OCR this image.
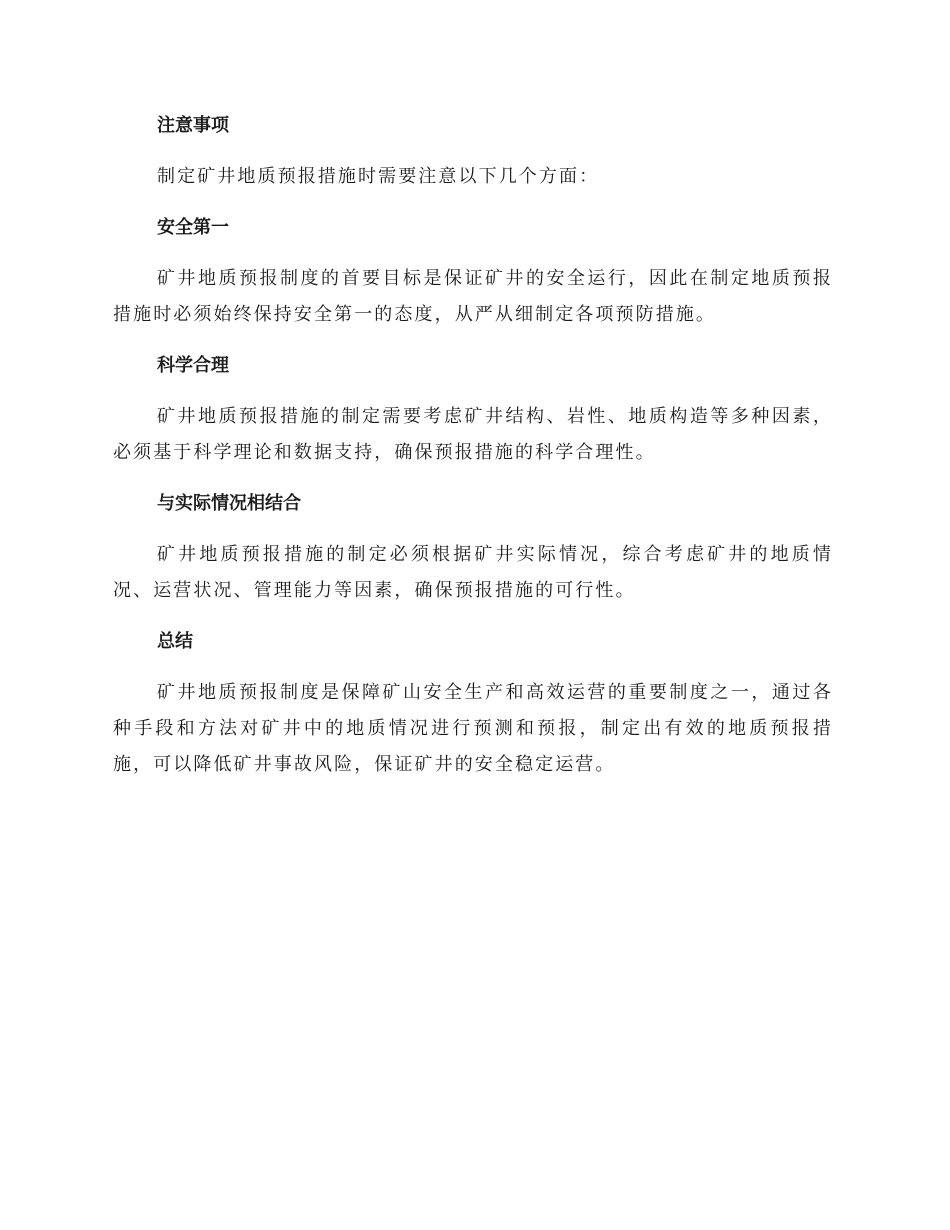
注意事项

制定矿井地质预报措施时需要注意以下几个方面：

安全第一

矿井地质预报制度的首要目标是保证矿井的安全运行，因此在制定地质预报措施时必须始终保持安全第一的态度，从严从细制定各项预防措施。

科学合理

矿井地质预报措施的制定需要考虑矿井结构、岩性、地质构造等多种因素，必须基于科学理论和数据支持，确保预报措施的科学合理性。

与实际情况相结合

矿井地质预报措施的制定必须根据矿井实际情况，综合考虑矿井的地质情况、运营状况、管理能力等因素，确保预报措施的可行性。

总结

矿井地质预报制度是保障矿山安全生产和高效运营的重要制度之一，通过各种手段和方法对矿井中的地质情况进行预测和预报，制定出有效的地质预报措施，可以降低矿井事故风险，保证矿井的安全稳定运营。
